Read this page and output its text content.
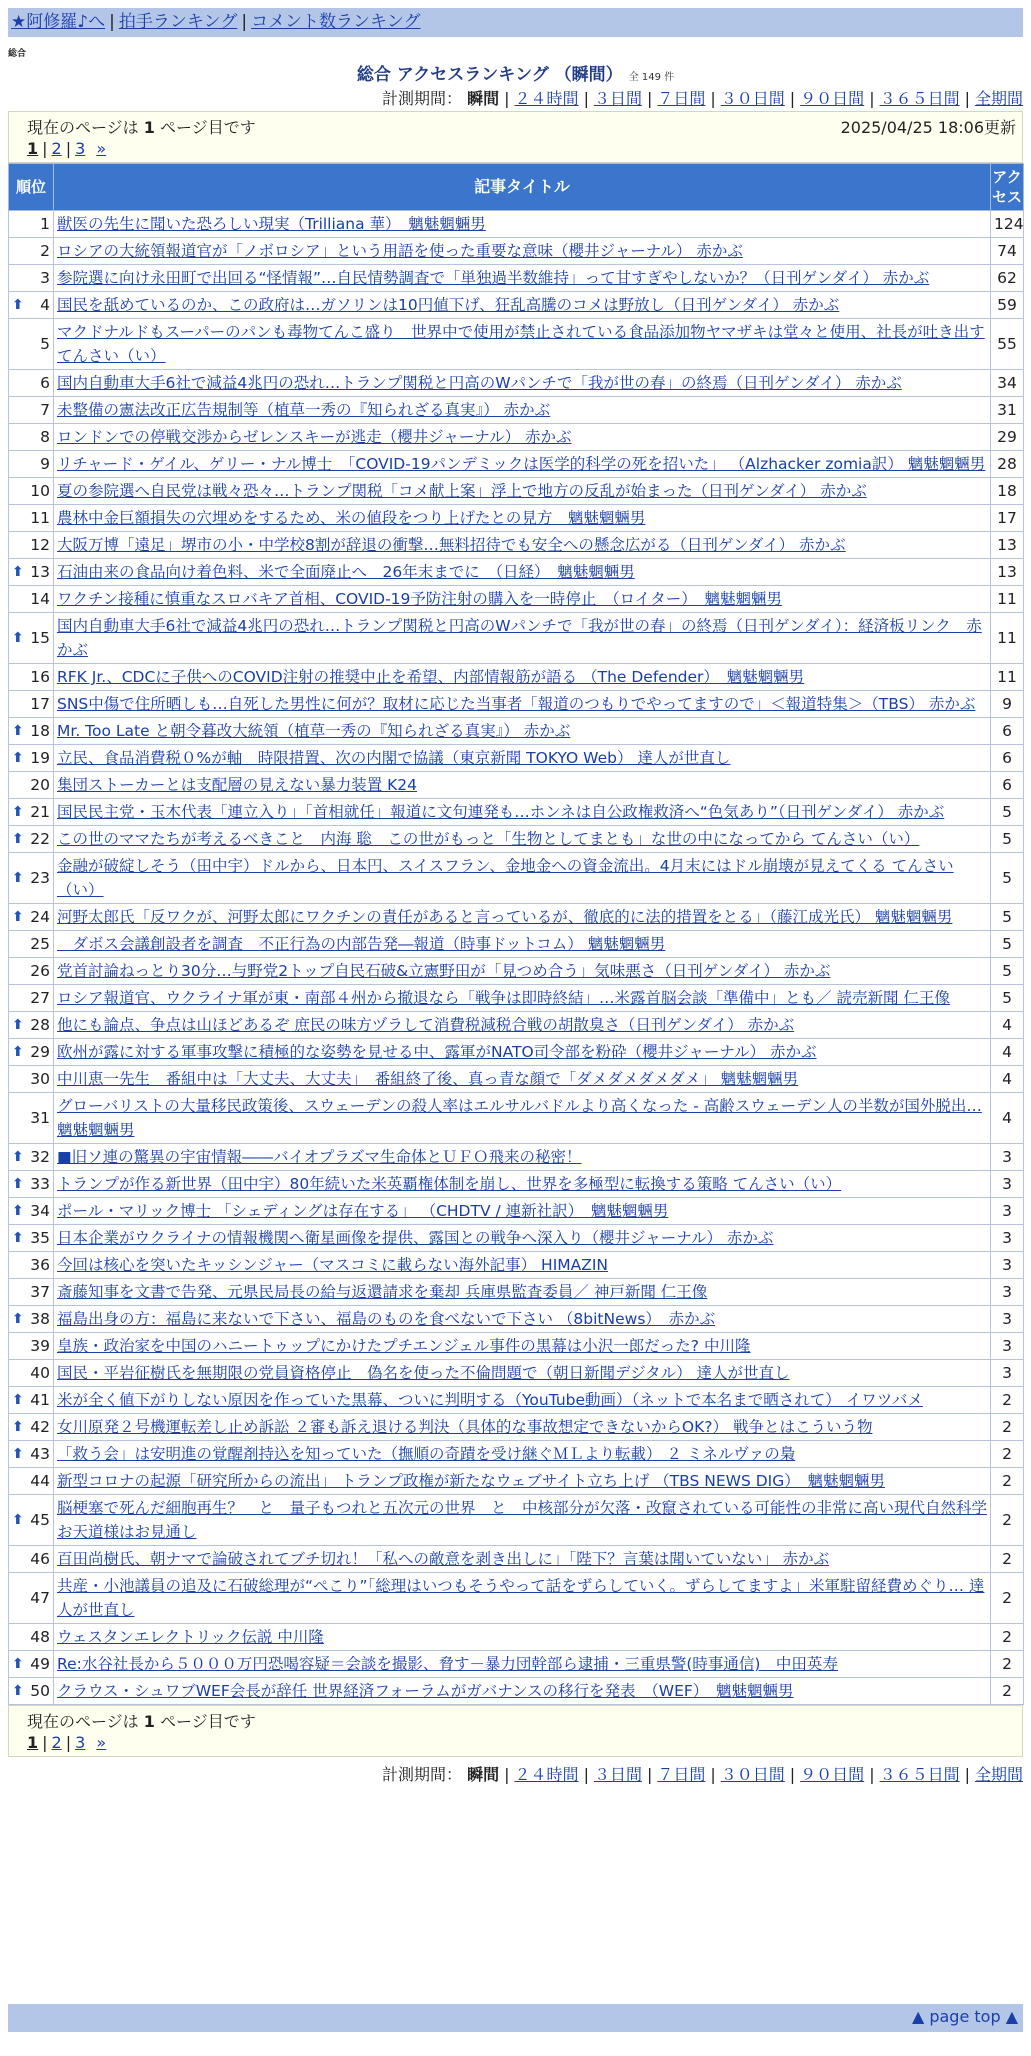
★阿修羅♪へ | 拍手ランキング | コメント数ランキング
総合
総合 アクセスランキング （瞬間） 全 149 件
計測期間： 瞬間 | ２４時間 | ３日間 | ７日間 | ３０日間 | ９０日間 | ３６５日間 | 全期間
現在のページは 1 ページ目です	2025/04/25 18:06更新
1 | 2 | 3 »
順位	記事タイトル	アクセス
1	獣医の先生に聞いた恐ろしい現実（Trilliana 華）　魑魅魍魎男	124
2	ロシアの大統領報道官が「ノボロシア」という用語を使った重要な意味（櫻井ジャーナル） 赤かぶ	74
3	参院選に向け永田町で出回る“怪情報”…自民情勢調査で「単独過半数維持」って甘すぎやしないか？（日刊ゲンダイ） 赤かぶ	62

⬆ 4	国民を舐めているのか、この政府は…ガソリンは10円値下げ、狂乱高騰のコメは野放し（日刊ゲンダイ） 赤かぶ	59
5	マクドナルドもスーパーのパンも毒物てんこ盛り　世界中で使用が禁止されている食品添加物ヤマザキは堂々と使用、社長が吐き出す てんさい（い）	55
6	国内自動車大手6社で減益4兆円の恐れ…トランプ関税と円高のWパンチで「我が世の春」の終焉（日刊ゲンダイ） 赤かぶ	34
7	未整備の憲法改正広告規制等（植草一秀の『知られざる真実』） 赤かぶ	31
8	ロンドンでの停戦交渉からゼレンスキーが逃走（櫻井ジャーナル） 赤かぶ	29
9	リチャード・ゲイル、ゲリー・ナル博士　「COVID-19パンデミックは医学的科学の死を招いた」 （Alzhacker zomia訳） 魑魅魍魎男	28
10	夏の参院選へ自民党は戦々恐々…トランプ関税「コメ献上案」浮上で地方の反乱が始まった（日刊ゲンダイ） 赤かぶ	18
11	農林中金巨額損失の穴埋めをするため、米の値段をつり上げたとの見方　魑魅魍魎男	17
12	大阪万博「遠足」堺市の小・中学校8割が辞退の衝撃…無料招待でも安全への懸念広がる（日刊ゲンダイ） 赤かぶ	13

⬆ 13	石油由来の食品向け着色料、米で全面廃止へ　26年末までに　（日経）　魑魅魍魎男	13
14	ワクチン接種に慎重なスロバキア首相、COVID-19予防注射の購入を一時停止　（ロイター）　魑魅魍魎男	11

⬆ 15	国内自動車大手6社で減益4兆円の恐れ…トランプ関税と円高のWパンチで「我が世の春」の終焉（日刊ゲンダイ）：経済板リンク　赤かぶ	11
16	RFK Jr.、CDCに子供へのCOVID注射の推奨中止を希望、内部情報筋が語る （The Defender）　魑魅魍魎男	11
17	SNS中傷で住所晒しも…自死した男性に何が？取材に応じた当事者「報道のつもりでやってますので」＜報道特集＞（TBS） 赤かぶ	9

⬆ 18	Mr. Too Late と朝令暮改大統領（植草一秀の『知られざる真実』） 赤かぶ	6

⬆ 19	立民、食品消費税０%が軸　時限措置、次の内閣で協議（東京新聞 TOKYO Web） 達人が世直し	6
20	集団ストーカーとは支配層の見えない暴力装置 K24	6

⬆ 21	国民民主党・玉木代表「連立入り」「首相就任」報道に文句連発も…ホンネは自公政権救済へ“色気あり”（日刊ゲンダイ） 赤かぶ	5

⬆ 22	この世のママたちが考えるべきこと　内海 聡　この世がもっと「生物としてまとも」な世の中になってから てんさい（い）	5

⬆ 23	金融が破綻しそう（田中宇）ドルから、日本円、スイスフラン、金地金への資金流出。4月末にはドル崩壊が見えてくる てんさい（い）	5

⬆ 24	河野太郎氏「反ワクが、河野太郎にワクチンの責任があると言っているが、徹底的に法的措置をとる」（藤江成光氏） 魑魅魍魎男	5
25	　ダボス会議創設者を調査　不正行為の内部告発―報道（時事ドットコム） 魑魅魍魎男	5
26	党首討論ねっとり30分…与野党2トップ自民石破&立憲野田が「見つめ合う」気味悪さ（日刊ゲンダイ） 赤かぶ	5
27	ロシア報道官、ウクライナ軍が東・南部４州から撤退なら「戦争は即時終結」…米露首脳会談「準備中」とも／ 読売新聞 仁王像	5

⬆ 28	他にも論点、争点は山ほどあるぞ 庶民の味方ヅラして消費税減税合戦の胡散臭さ（日刊ゲンダイ） 赤かぶ	4

⬆ 29	欧州が露に対する軍事攻撃に積極的な姿勢を見せる中、露軍がNATO司令部を粉砕（櫻井ジャーナル） 赤かぶ	4
30	中川恵一先生　番組中は「大丈夫、大丈夫」　番組終了後、真っ青な顔で「ダメダメダメダメ」 魑魅魍魎男	4
31	グローバリストの大量移民政策後、スウェーデンの殺人率はエルサルバドルより高くなった - 高齢スウェーデン人の半数が国外脱出… 魑魅魍魎男	4

⬆ 32	■旧ソ連の驚異の宇宙情報――バイオプラズマ生命体とＵＦＯ飛来の秘密！	3

⬆ 33	トランプが作る新世界（田中宇）80年続いた米英覇権体制を崩し、世界を多極型に転換する策略 てんさい（い）	3

⬆ 34	ポール・マリック博士 「シェディングは存在する」 （CHDTV / 連新社訳）　魑魅魍魎男	3

⬆ 35	日本企業がウクライナの情報機関へ衛星画像を提供、露国との戦争へ深入り（櫻井ジャーナル） 赤かぶ	3
36	今回は核心を突いたキッシンジャー（マスコミに載らない海外記事） HIMAZIN	3
37	斎藤知事を文書で告発、元県民局長の給与返還請求を棄却 兵庫県監査委員／ 神戸新聞 仁王像	3

⬆ 38	福島出身の方：福島に来ないで下さい、福島のものを食べないで下さい （8bitNews）　赤かぶ	3
39	皇族・政治家を中国のハニートゥップにかけたプチエンジェル事件の黒幕は小沢一郎だった? 中川隆	3
40	国民・平岩征樹氏を無期限の党員資格停止　偽名を使った不倫問題で（朝日新聞デジタル） 達人が世直し	3

⬆ 41	米が全く値下がりしない原因を作っていた黒幕、ついに判明する（YouTube動画）（ネットで本名まで晒されて） イワツバメ	2

⬆ 42	女川原発２号機運転差し止め訴訟 ２審も訴え退ける判決（具体的な事故想定できないからOK?） 戦争とはこういう物	2

⬆ 43	「救う会」は安明進の覚醒剤持込を知っていた（撫順の奇蹟を受け継ぐＭＬより転載） ２ ミネルヴァの梟	2
44	新型コロナの起源「研究所からの流出」 トランプ政権が新たなウェブサイト立ち上げ （TBS NEWS DIG）　魑魅魍魎男	2

⬆ 45	脳梗塞で死んだ細胞再生？　と　量子もつれと五次元の世界　と　中核部分が欠落・改竄されている可能性の非常に高い現代自然科学 お天道様はお見通し	2
46	百田尚樹氏、朝ナマで論破されてブチ切れ！「私への敵意を剥き出しに」「陛下？言葉は聞いていない」 赤かぶ	2
47	共産・小池議員の追及に石破総理が“ぺこり”「総理はいつもそうやって話をずらしていく。ずらしてますよ」米軍駐留経費めぐり… 達人が世直し	2
48	ウェスタンエレクトリック伝説 中川隆	2

⬆ 49	Re:水谷社長から５０００万円恐喝容疑＝会談を撮影、脅す－暴力団幹部ら逮捕・三重県警(時事通信)　中田英寿	2

⬆ 50	クラウス・シュワブWEF会長が辞任 世界経済フォーラムがガバナンスの移行を発表　（WEF）　魑魅魍魎男	2
現在のページは 1 ページ目です
1 | 2 | 3 »
計測期間： 瞬間 | ２４時間 | ３日間 | ７日間 | ３０日間 | ９０日間 | ３６５日間 | 全期間
▲ page top ▲
